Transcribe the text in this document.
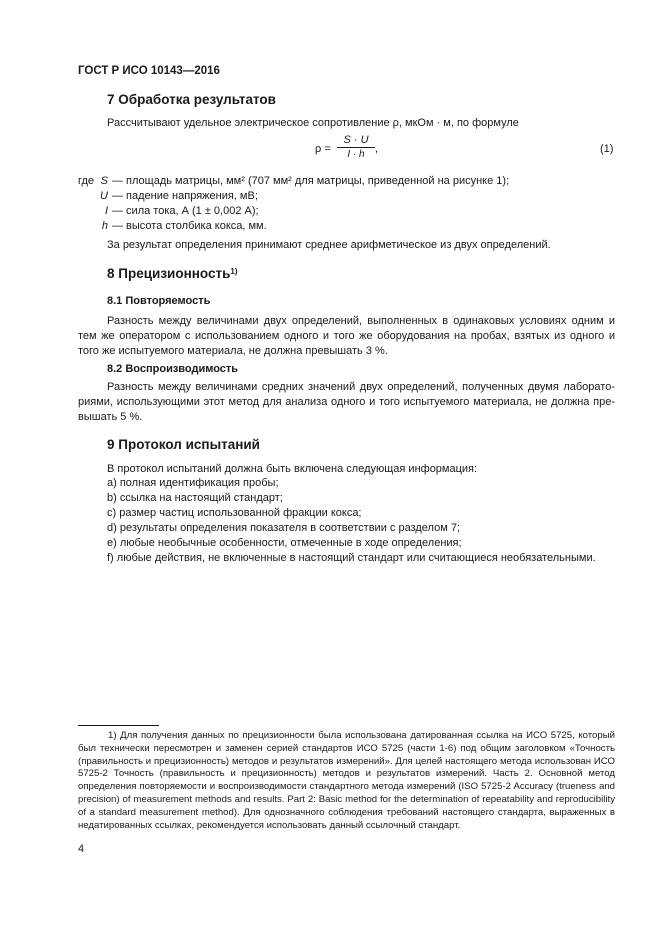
ГОСТ Р ИСО 10143—2016
7 Обработка результатов
Рассчитывают удельное электрическое сопротивление ρ, мкОм · м, по формуле
$\rho = \frac{S \cdot U}{I \cdot h}$ ,	(1)
где S — площадь матрицы, мм² (707 мм² для матрицы, приведенной на рисунке 1);
U — падение напряжения, мВ;
I — сила тока, А (1 ± 0,002 А);
h — высота столбика кокса, мм.
За результат определения принимают среднее арифметическое из двух определений.
8 Прецизионность$^{1)}$
8.1 Повторяемость
Разность между величинами двух определений, выполненных в одинаковых условиях одним и тем же оператором с использованием одного и того же оборудования на пробах, взятых из одного и того же испытуемого материала, не должна превышать 3 %.
8.2 Воспроизводимость
Разность между величинами средних значений двух определений, полученных двумя лабораториями, использующими этот метод для анализа одного и того испытуемого материала, не должна превышать 5 %.
9 Протокол испытаний
В протокол испытаний должна быть включена следующая информация:
a) полная идентификация пробы;
b) ссылка на настоящий стандарт;
c) размер частиц использованной фракции кокса;
d) результаты определения показателя в соответствии с разделом 7;
e) любые необычные особенности, отмеченные в ходе определения;
f) любые действия, не включенные в настоящий стандарт или считающиеся необязательными.
1) Для получения данных по прецизионности была использована датированная ссылка на ИСО 5725, который был технически пересмотрен и заменен серией стандартов ИСО 5725 (части 1-6) под общим заголовком «Точность (правильность и прецизионность) методов и результатов измерений». Для целей настоящего метода использован ИСО 5725-2 Точность (правильность и прецизионность) методов и результатов измерений. Часть 2. Основной метод определения повторяемости и воспроизводимости стандартного метода измерений (ISO 5725-2 Accuracy (trueness and precision) of measurement methods and results. Part 2: Basic method for the determination of repeatability and reproducibility of a standard measurement method). Для однозначного соблюдения требований настоящего стандарта, выраженных в недатированных ссылках, рекомендуется использовать данный ссылочный стандарт.
4
